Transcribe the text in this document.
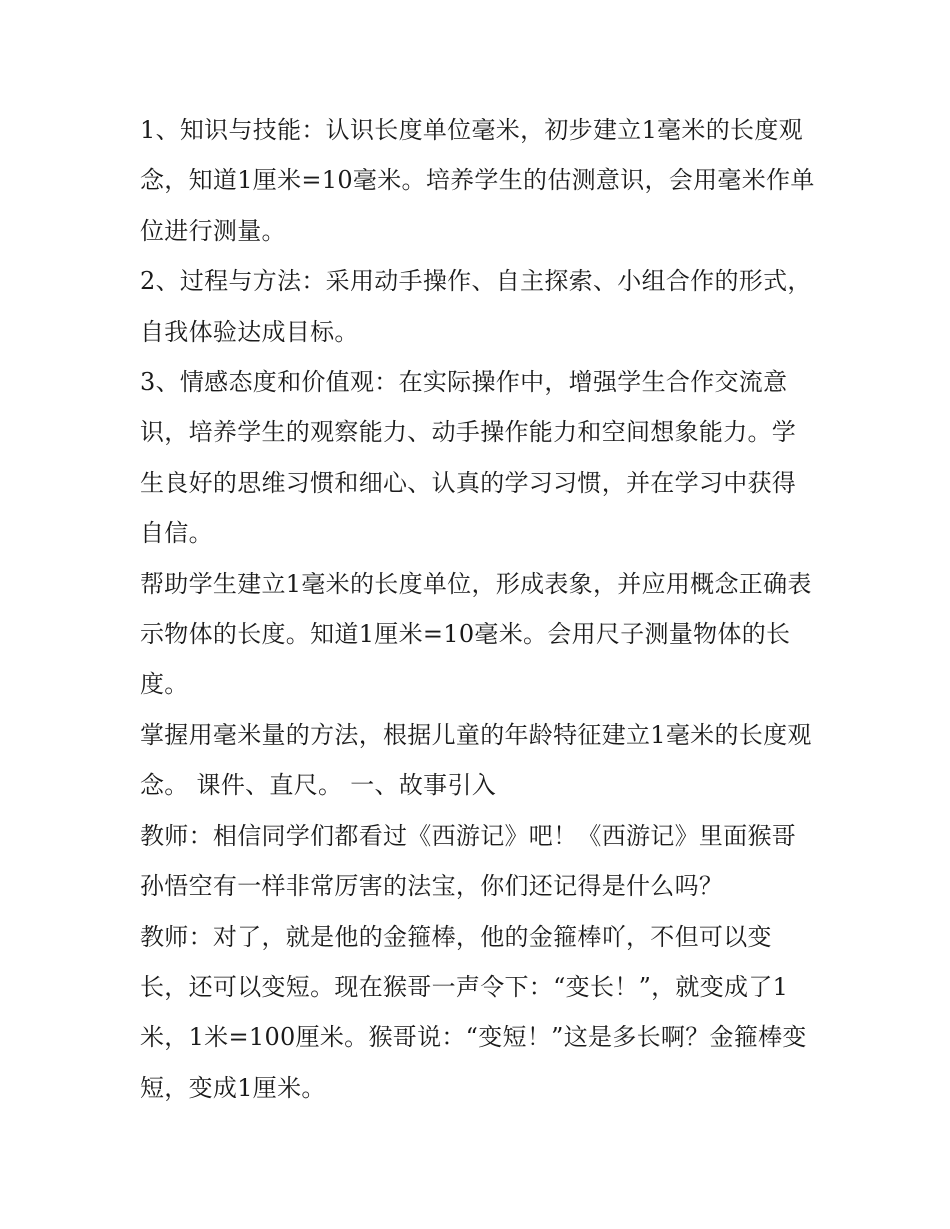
1、知识与技能：认识长度单位毫米，初步建立1毫米的长度观念，知道1厘米=10毫米。培养学生的估测意识，会用毫米作单位进行测量。

2、过程与方法：采用动手操作、自主探索、小组合作的形式，自我体验达成目标。

3、情感态度和价值观：在实际操作中，增强学生合作交流意识，培养学生的观察能力、动手操作能力和空间想象能力。学生良好的思维习惯和细心、认真的学习习惯，并在学习中获得自信。

帮助学生建立1毫米的长度单位，形成表象，并应用概念正确表示物体的长度。知道1厘米=10毫米。会用尺子测量物体的长度。

掌握用毫米量的方法，根据儿童的年龄特征建立1毫米的长度观念。 课件、直尺。 一、故事引入

教师：相信同学们都看过《西游记》吧！《西游记》里面猴哥孙悟空有一样非常厉害的法宝，你们还记得是什么吗？

教师：对了，就是他的金箍棒，他的金箍棒吖，不但可以变长，还可以变短。现在猴哥一声令下：“变长！”，就变成了1米，1米=100厘米。猴哥说：“变短！”这是多长啊？金箍棒变短，变成1厘米。
